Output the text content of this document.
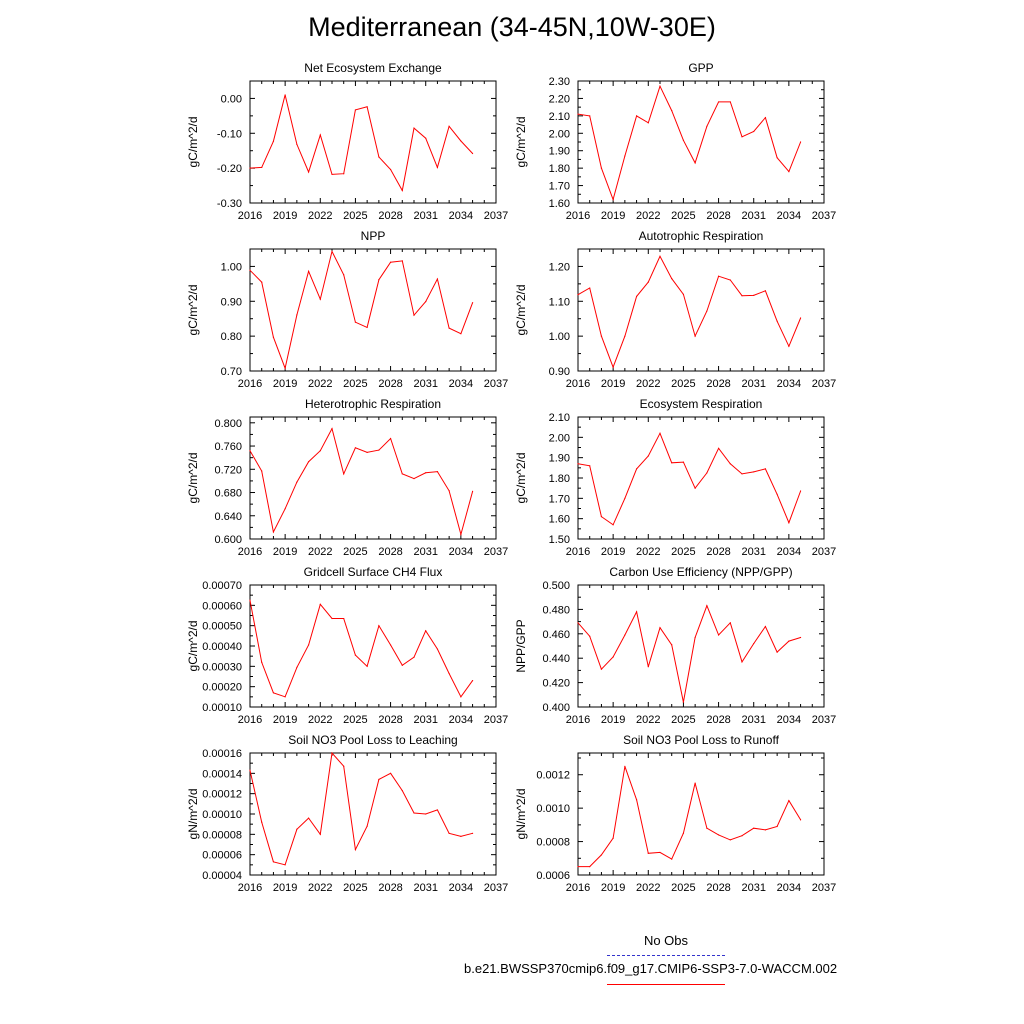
Mediterranean (34-45N,10W-30E)
Net Ecosystem Exchange
gC/m^2/d
2016 2019 2022 2025 2028 2031 2034 2037
-0.30
-0.20
-0.10
0.00
GPP
gC/m^2/d
2016 2019 2022 2025 2028 2031 2034 2037
1.60
1.70
1.80
1.90
2.00
2.10
2.20
2.30
NPP
gC/m^2/d
2016 2019 2022 2025 2028 2031 2034 2037
0.70
0.80
0.90
1.00
Autotrophic Respiration
gC/m^2/d
2016 2019 2022 2025 2028 2031 2034 2037
0.90
1.00
1.10
1.20
Heterotrophic Respiration
gC/m^2/d
2016 2019 2022 2025 2028 2031 2034 2037
0.600
0.640
0.680
0.720
0.760
0.800
Ecosystem Respiration
gC/m^2/d
2016 2019 2022 2025 2028 2031 2034 2037
1.50
1.60
1.70
1.80
1.90
2.00
2.10
Gridcell Surface CH4 Flux
gC/m^2/d
2016 2019 2022 2025 2028 2031 2034 2037
0.00010
0.00020
0.00030
0.00040
0.00050
0.00060
0.00070
Carbon Use Efficiency (NPP/GPP)
NPP/GPP
2016 2019 2022 2025 2028 2031 2034 2037
0.400
0.420
0.440
0.460
0.480
0.500
Soil NO3 Pool Loss to Leaching
gN/m^2/d
2016 2019 2022 2025 2028 2031 2034 2037
0.00004
0.00006
0.00008
0.00010
0.00012
0.00014
0.00016
Soil NO3 Pool Loss to Runoff
gN/m^2/d
2016 2019 2022 2025 2028 2031 2034 2037
0.0006
0.0008
0.0010
0.0012
No Obs
b.e21.BWSSP370cmip6.f09_g17.CMIP6-SSP3-7.0-WACCM.002
